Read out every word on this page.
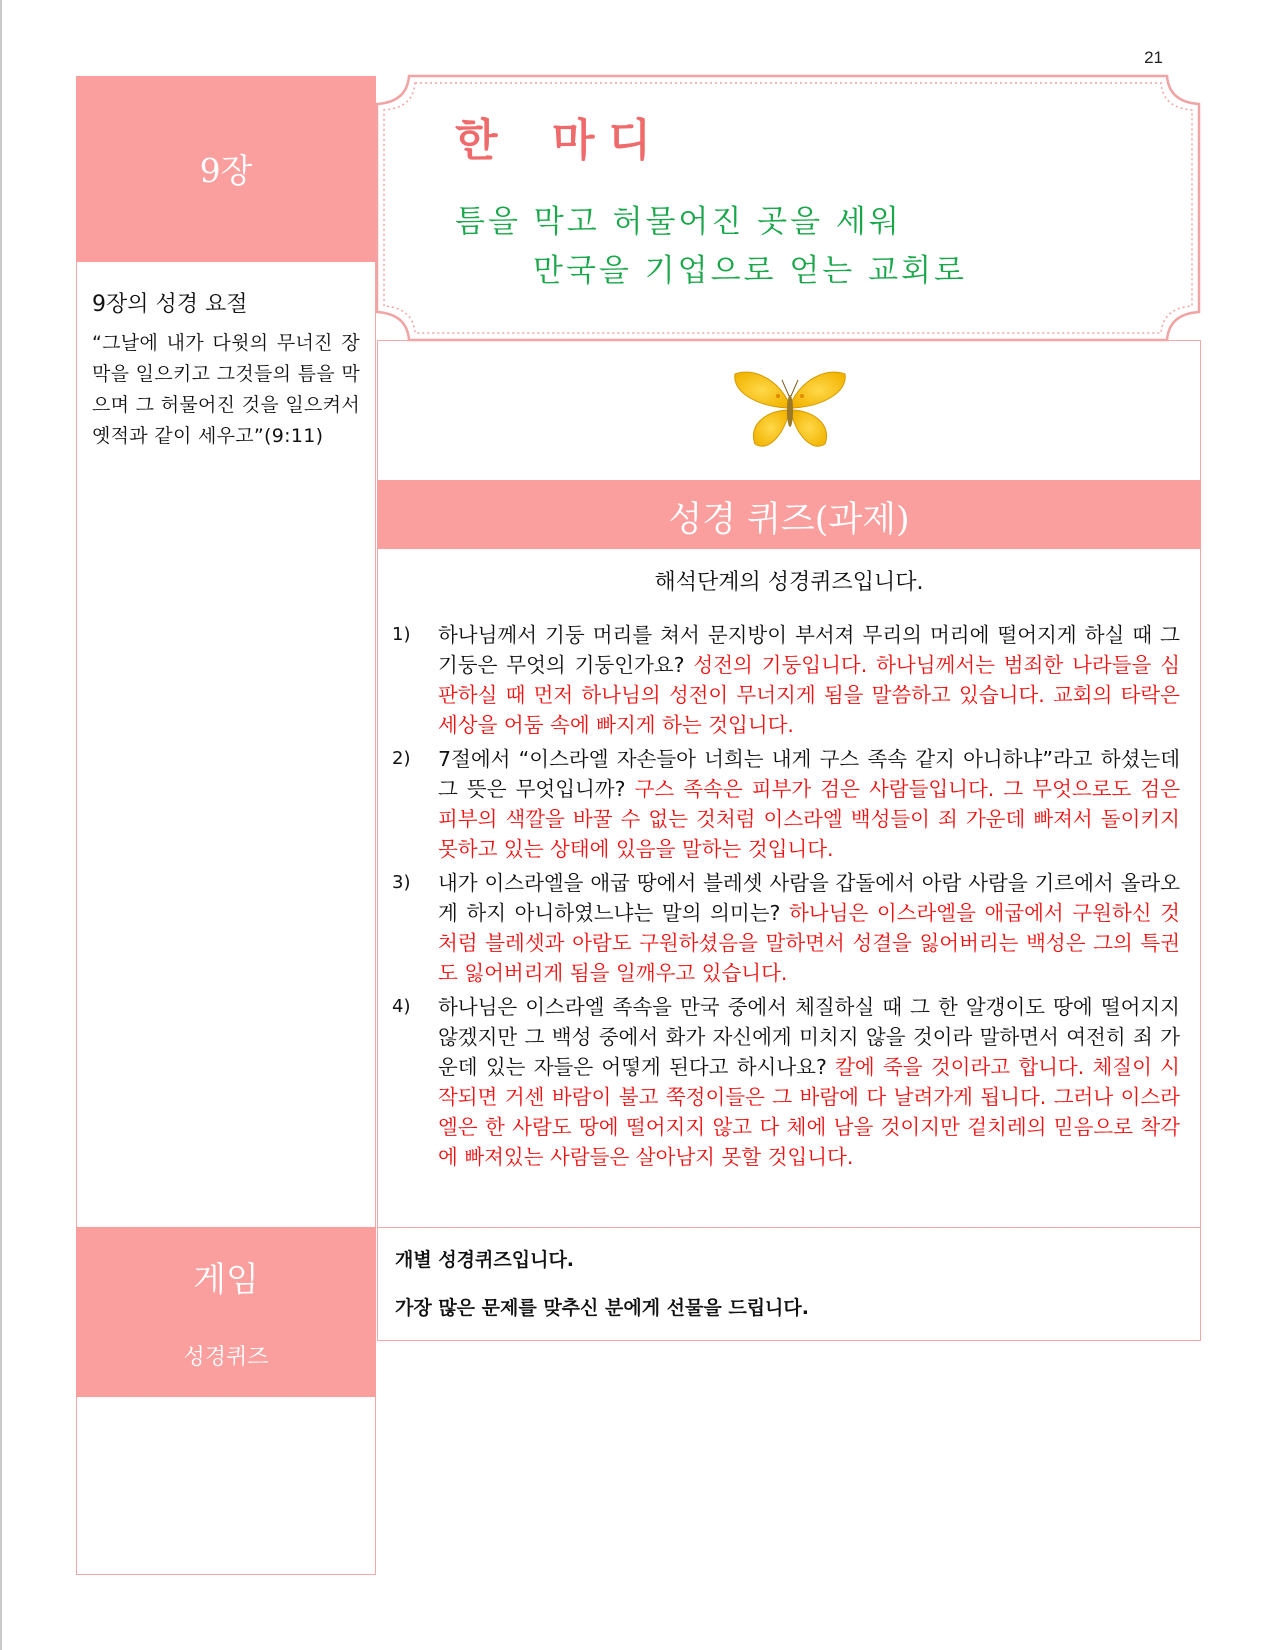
21
9장
9장의 성경 요절
“그날에 내가 다윗의 무너진 장막을 일으키고 그것들의 틈을 막으며 그 허물어진 것을 일으켜서 옛적과 같이 세우고”(9:11)
게임
성경퀴즈
한 마디
틈을 막고 허물어진 곳을 세워
만국을 기업으로 얻는 교회로
성경 퀴즈(과제)
해석단계의 성경퀴즈입니다.
1) 하나님께서 기둥 머리를 쳐서 문지방이 부서져 무리의 머리에 떨어지게 하실 때 그 기둥은 무엇의 기둥인가요? 성전의 기둥입니다. 하나님께서는 범죄한 나라들을 심판하실 때 먼저 하나님의 성전이 무너지게 됨을 말씀하고 있습니다. 교회의 타락은 세상을 어둠 속에 빠지게 하는 것입니다.
2) 7절에서 “이스라엘 자손들아 너희는 내게 구스 족속 같지 아니하냐”라고 하셨는데 그 뜻은 무엇입니까? 구스 족속은 피부가 검은 사람들입니다. 그 무엇으로도 검은 피부의 색깔을 바꿀 수 없는 것처럼 이스라엘 백성들이 죄 가운데 빠져서 돌이키지 못하고 있는 상태에 있음을 말하는 것입니다.
3) 내가 이스라엘을 애굽 땅에서 블레셋 사람을 갑돌에서 아람 사람을 기르에서 올라오게 하지 아니하였느냐는 말의 의미는? 하나님은 이스라엘을 애굽에서 구원하신 것처럼 블레셋과 아람도 구원하셨음을 말하면서 성결을 잃어버리는 백성은 그의 특권도 잃어버리게 됨을 일깨우고 있습니다.
4) 하나님은 이스라엘 족속을 만국 중에서 체질하실 때 그 한 알갱이도 땅에 떨어지지 않겠지만 그 백성 중에서 화가 자신에게 미치지 않을 것이라 말하면서 여전히 죄 가운데 있는 자들은 어떻게 된다고 하시나요? 칼에 죽을 것이라고 합니다. 체질이 시작되면 거센 바람이 불고 쭉정이들은 그 바람에 다 날려가게 됩니다. 그러나 이스라엘은 한 사람도 땅에 떨어지지 않고 다 체에 남을 것이지만 겉치레의 믿음으로 착각에 빠져있는 사람들은 살아남지 못할 것입니다.
개별 성경퀴즈입니다.
가장 많은 문제를 맞추신 분에게 선물을 드립니다.
